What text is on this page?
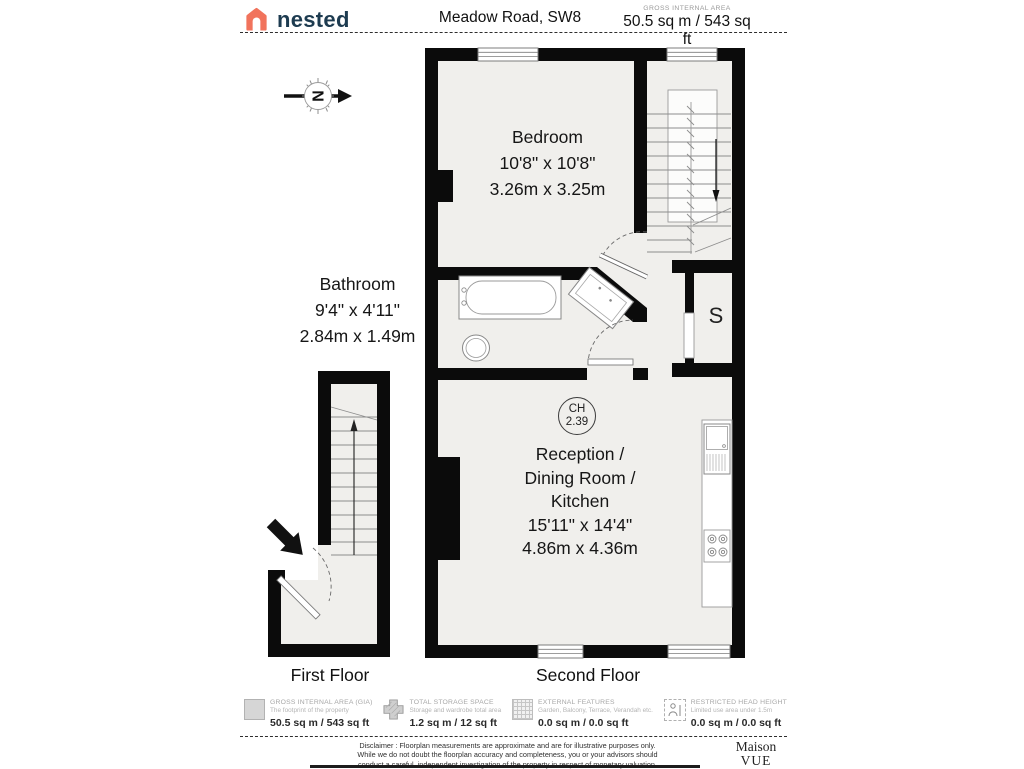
nested	Meadow Road, SW8
GROSS INTERNAL AREA
50.5 sq m / 543 sq ft
N
Bedroom
10'8" x 10'8"
3.26m x 3.25m
Bathroom
9'4" x 4'11"
2.84m x 1.49m
CH
2.39
Reception /
Dining Room /
Kitchen
15'11" x 14'4"
4.86m x 4.36m
S
First Floor	Second Floor
GROSS INTERNAL AREA (GIA)
The footprint of the property
50.5 sq m / 543 sq ft
TOTAL STORAGE SPACE
Storage and wardrobe total area
1.2 sq m / 12 sq ft
EXTERNAL FEATURES
Garden, Balcony, Terrace, Verandah etc.
0.0 sq m / 0.0 sq ft
RESTRICTED HEAD HEIGHT
Limited use area under 1.5m
0.0 sq m / 0.0 sq ft
Disclaimer : Floorplan measurements are approximate and are for illustrative purposes only.
While we do not doubt the floorplan accuracy and completeness, you or your advisors should
Maison
VUE
